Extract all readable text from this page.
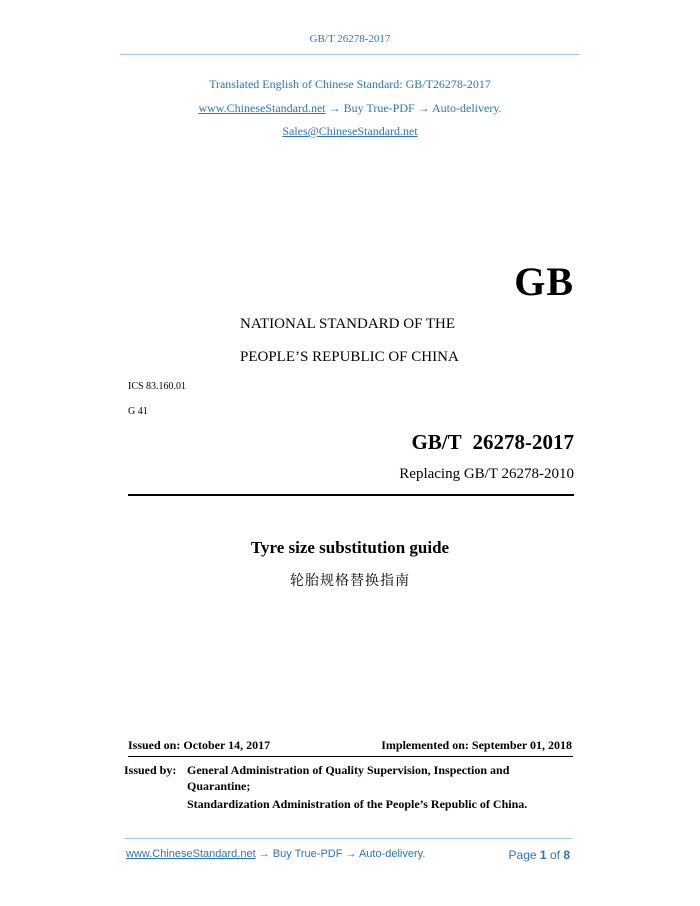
GB/T 26278-2017
Translated English of Chinese Standard: GB/T26278-2017
www.ChineseStandard.net → Buy True-PDF → Auto-delivery.
Sales@ChineseStandard.net
GB
NATIONAL STANDARD OF THE
PEOPLE’S REPUBLIC OF CHINA
ICS 83.160.01
G 41
GB/T 26278-2017
Replacing GB/T 26278-2010
Tyre size substitution guide
轮胎规格替换指南
Issued on: October 14, 2017	Implemented on: September 01, 2018
Issued by: General Administration of Quality Supervision, Inspection and
Quarantine;
Standardization Administration of the People’s Republic of China.
www.ChineseStandard.net → Buy True-PDF → Auto-delivery.	Page 1 of 8
